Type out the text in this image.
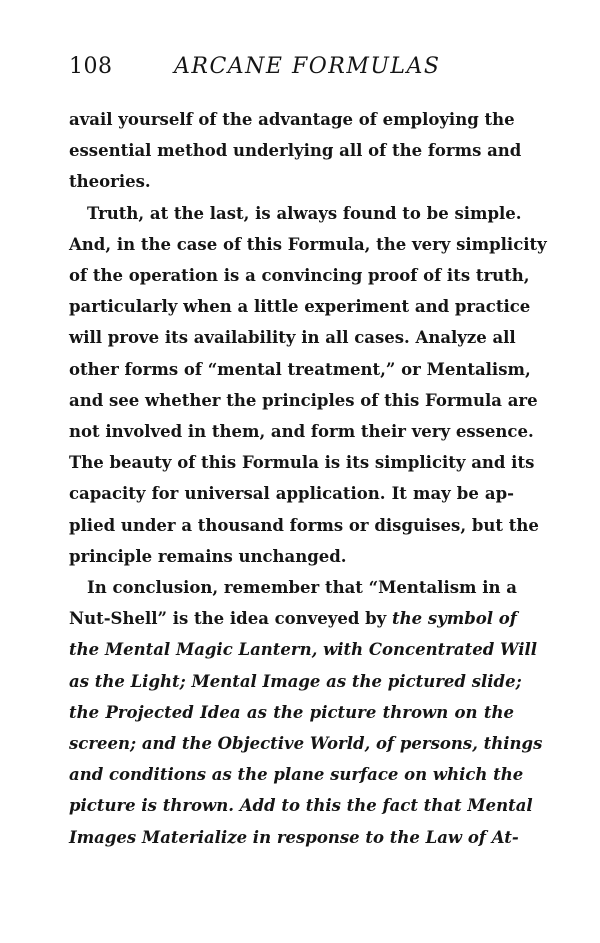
108	ARCANE FORMULAS

avail yourself of the advantage of employing the
essential method underlying all of the forms and
theories.

Truth, at the last, is always found to be simple.
And, in the case of this Formula, the very simplicity
of the operation is a convincing proof of its truth,
particularly when a little experiment and practice
will prove its availability in all cases. Analyze all
other forms of “mental treatment,” or Mentalism,
and see whether the principles of this Formula are
not involved in them, and form their very essence.
The beauty of this Formula is its simplicity and its
capacity for universal application. It may be ap-
plied under a thousand forms or disguises, but the
principle remains unchanged.

In conclusion, remember that “Mentalism in a
Nut-Shell” is the idea conveyed by the symbol of
the Mental Magic Lantern, with Concentrated Will
as the Light; Mental Image as the pictured slide;
the Projected Idea as the picture thrown on the
screen; and the Objective World, of persons, things
and conditions as the plane surface on which the
picture is thrown. Add to this the fact that Mental
Images Materialize in response to the Law of At-
